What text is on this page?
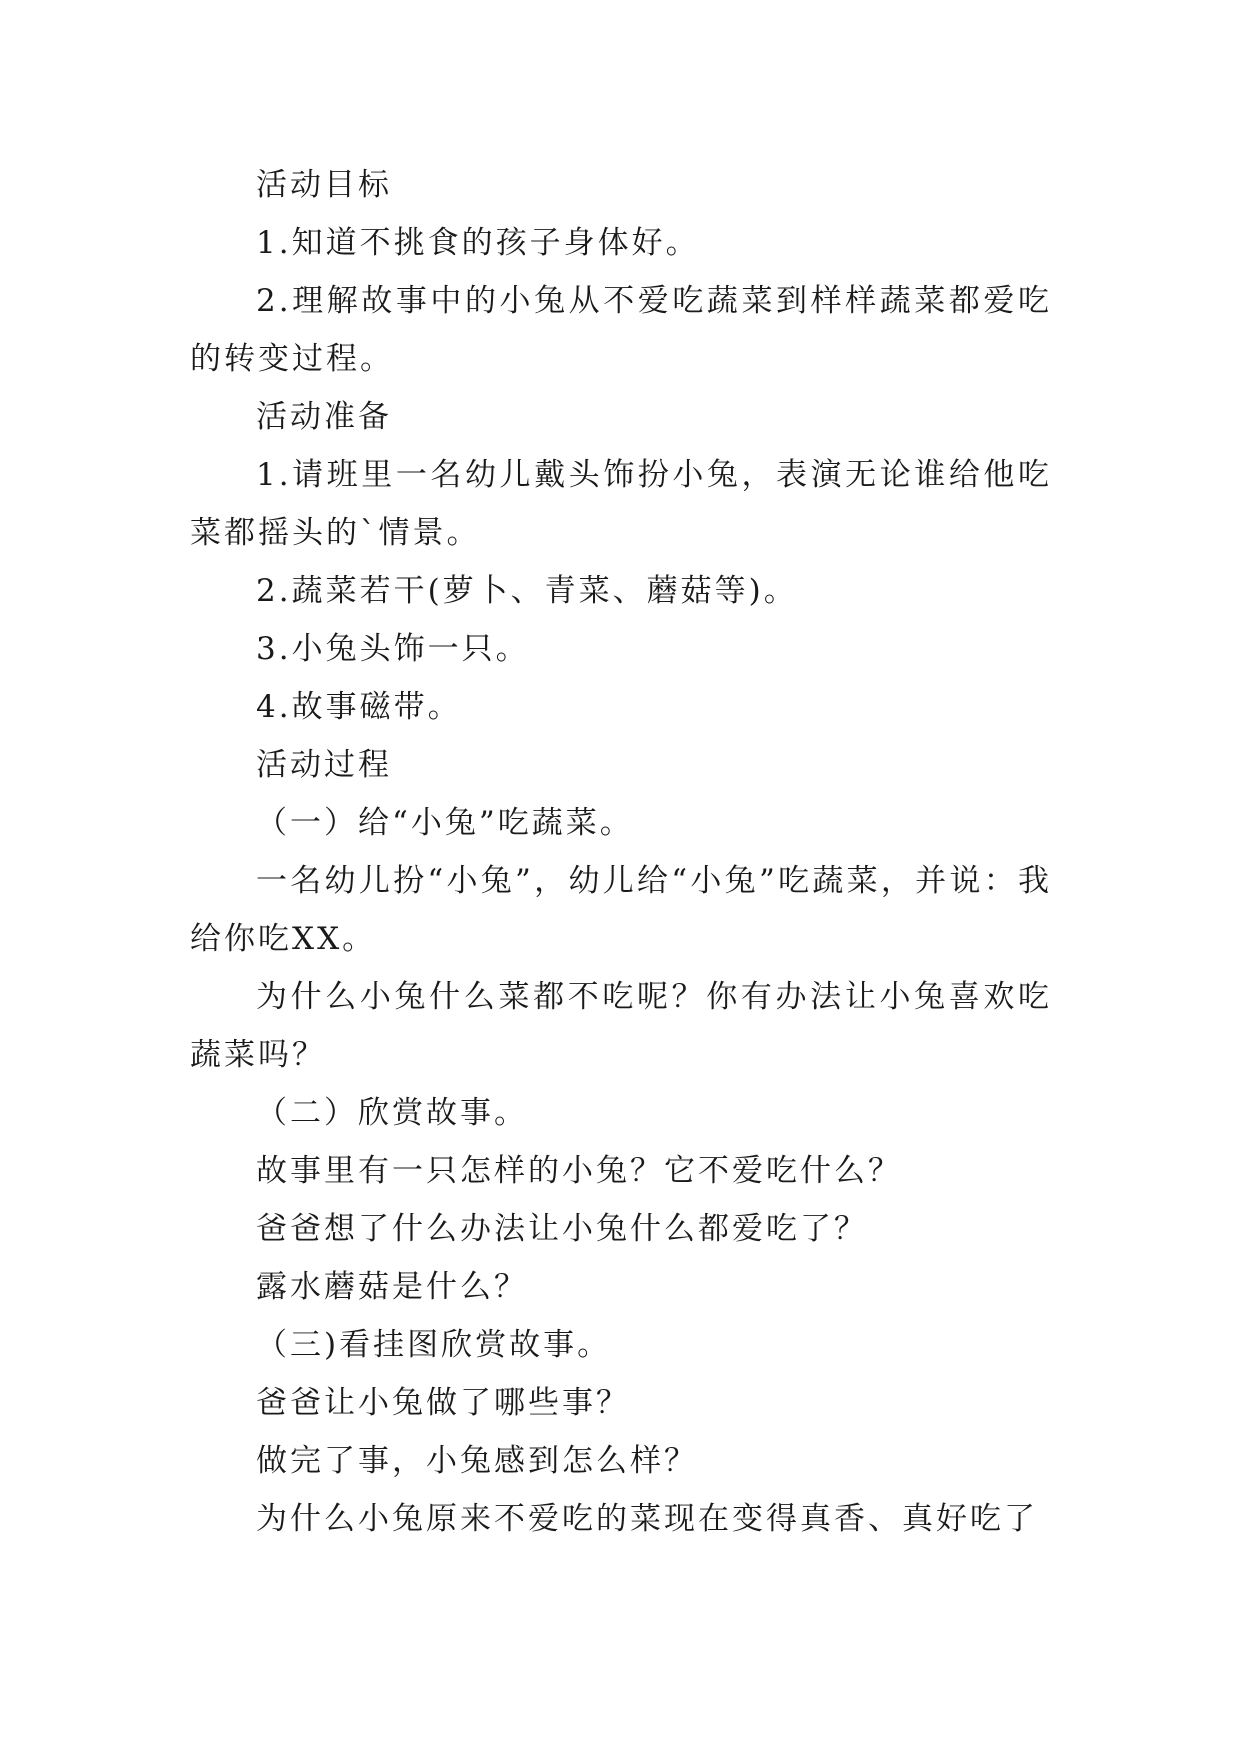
活动目标
1.知道不挑食的孩子身体好。
2.理解故事中的小兔从不爱吃蔬菜到样样蔬菜都爱吃的转变过程。
活动准备
1.请班里一名幼儿戴头饰扮小兔，表演无论谁给他吃菜都摇头的`情景。
2.蔬菜若干(萝卜、青菜、蘑菇等)。
3.小兔头饰一只。
4.故事磁带。
活动过程
（一）给“小兔”吃蔬菜。
一名幼儿扮“小兔”，幼儿给“小兔”吃蔬菜，并说：我给你吃XX。
为什么小兔什么菜都不吃呢？你有办法让小兔喜欢吃蔬菜吗？
（二）欣赏故事。
故事里有一只怎样的小兔？它不爱吃什么？
爸爸想了什么办法让小兔什么都爱吃了？
露水蘑菇是什么？
（三)看挂图欣赏故事。
爸爸让小兔做了哪些事？
做完了事，小兔感到怎么样？
为什么小兔原来不爱吃的菜现在变得真香、真好吃了
